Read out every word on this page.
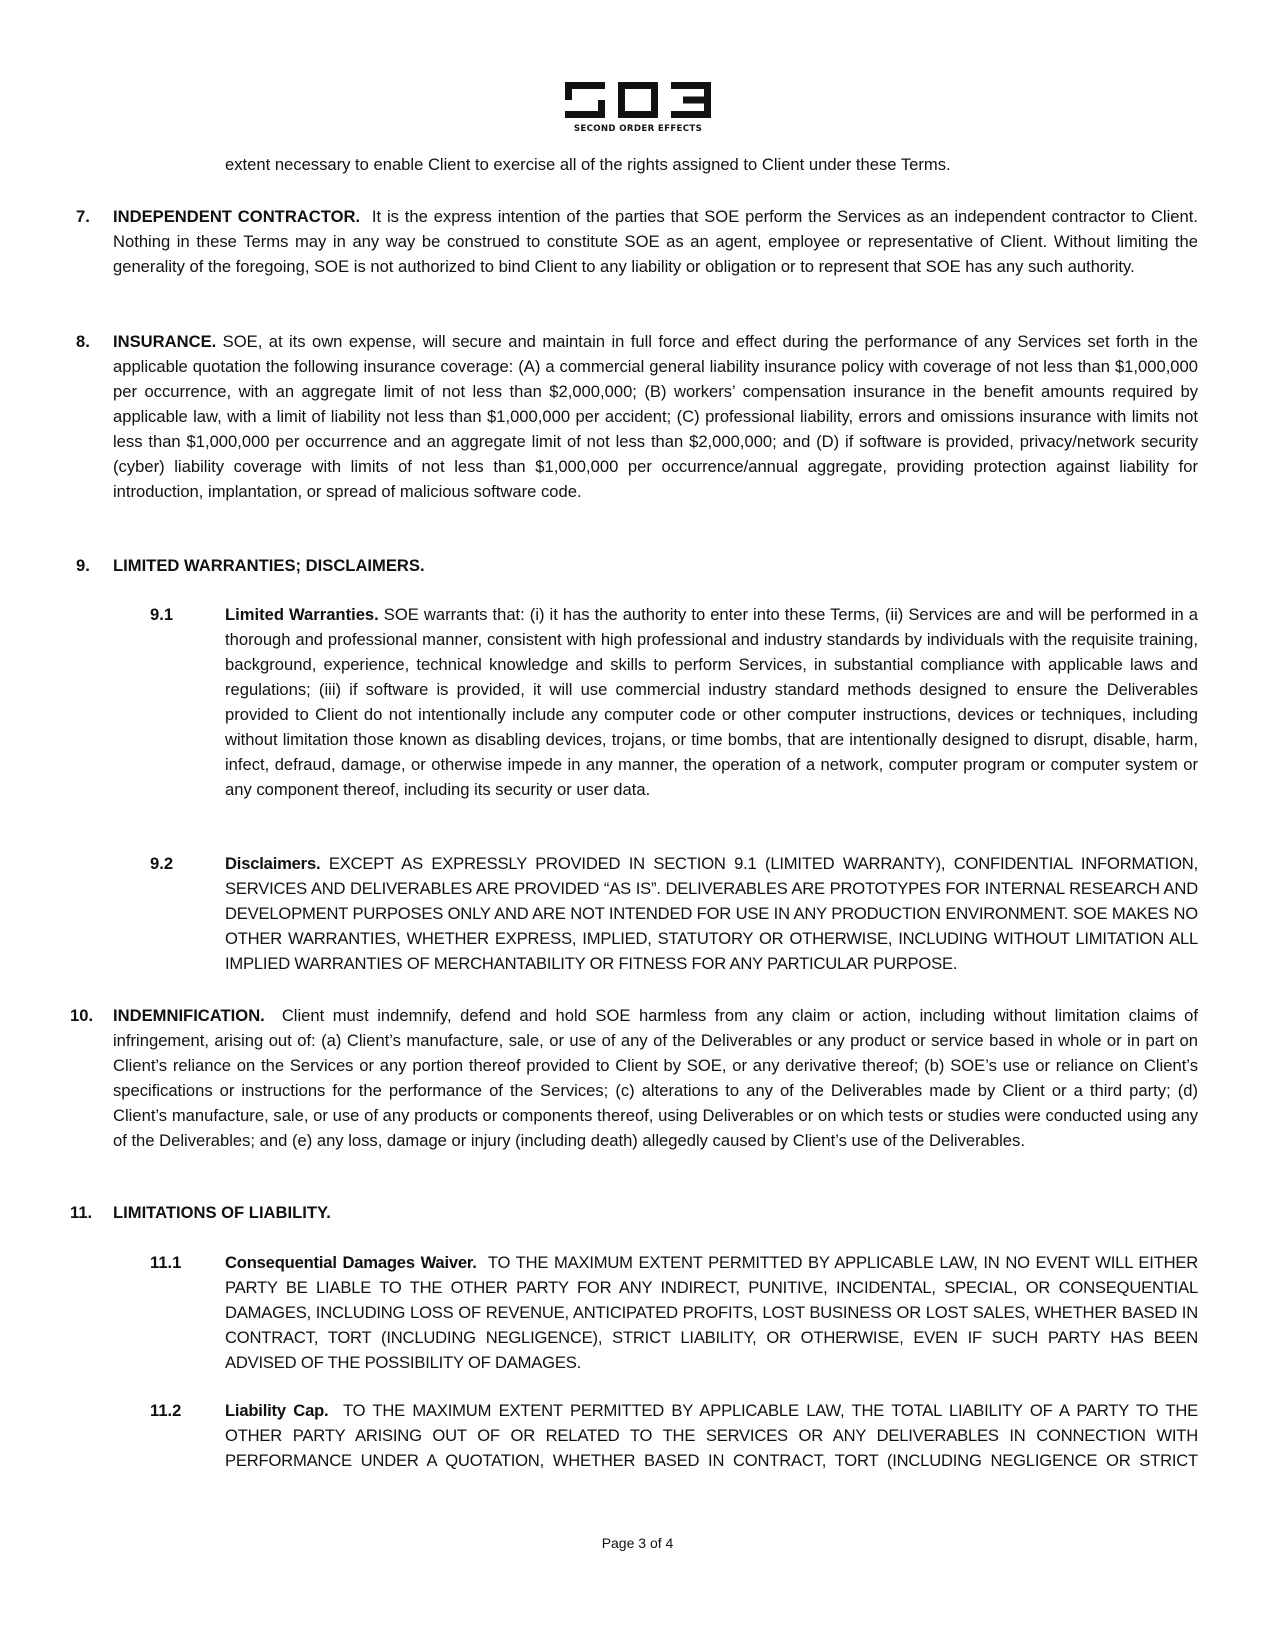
SECOND ORDER EFFECTS
extent necessary to enable Client to exercise all of the rights assigned to Client under these Terms.
7. INDEPENDENT CONTRACTOR. It is the express intention of the parties that SOE perform the Services as an independent contractor to Client. Nothing in these Terms may in any way be construed to constitute SOE as an agent, employee or representative of Client. Without limiting the generality of the foregoing, SOE is not authorized to bind Client to any liability or obligation or to represent that SOE has any such authority.
8. INSURANCE. SOE, at its own expense, will secure and maintain in full force and effect during the performance of any Services set forth in the applicable quotation the following insurance coverage: (A) a commercial general liability insurance policy with coverage of not less than $1,000,000 per occurrence, with an aggregate limit of not less than $2,000,000; (B) workers’ compensation insurance in the benefit amounts required by applicable law, with a limit of liability not less than $1,000,000 per accident; (C) professional liability, errors and omissions insurance with limits not less than $1,000,000 per occurrence and an aggregate limit of not less than $2,000,000; and (D) if software is provided, privacy/network security (cyber) liability coverage with limits of not less than $1,000,000 per occurrence/annual aggregate, providing protection against liability for introduction, implantation, or spread of malicious software code.
9. LIMITED WARRANTIES; DISCLAIMERS.
9.1	Limited Warranties. SOE warrants that: (i) it has the authority to enter into these Terms, (ii) Services are and will be performed in a thorough and professional manner, consistent with high professional and industry standards by individuals with the requisite training, background, experience, technical knowledge and skills to perform Services, in substantial compliance with applicable laws and regulations; (iii) if software is provided, it will use commercial industry standard methods designed to ensure the Deliverables provided to Client do not intentionally include any computer code or other computer instructions, devices or techniques, including without limitation those known as disabling devices, trojans, or time bombs, that are intentionally designed to disrupt, disable, harm, infect, defraud, damage, or otherwise impede in any manner, the operation of a network, computer program or computer system or any component thereof, including its security or user data.
9.2	Disclaimers. EXCEPT AS EXPRESSLY PROVIDED IN SECTION 9.1 (LIMITED WARRANTY), CONFIDENTIAL INFORMATION, SERVICES AND DELIVERABLES ARE PROVIDED “AS IS”. DELIVERABLES ARE PROTOTYPES FOR INTERNAL RESEARCH AND DEVELOPMENT PURPOSES ONLY AND ARE NOT INTENDED FOR USE IN ANY PRODUCTION ENVIRONMENT. SOE MAKES NO OTHER WARRANTIES, WHETHER EXPRESS, IMPLIED, STATUTORY OR OTHERWISE, INCLUDING WITHOUT LIMITATION ALL IMPLIED WARRANTIES OF MERCHANTABILITY OR FITNESS FOR ANY PARTICULAR PURPOSE.
10. INDEMNIFICATION. Client must indemnify, defend and hold SOE harmless from any claim or action, including without limitation claims of infringement, arising out of: (a) Client’s manufacture, sale, or use of any of the Deliverables or any product or service based in whole or in part on Client’s reliance on the Services or any portion thereof provided to Client by SOE, or any derivative thereof; (b) SOE’s use or reliance on Client’s specifications or instructions for the performance of the Services; (c) alterations to any of the Deliverables made by Client or a third party; (d) Client’s manufacture, sale, or use of any products or components thereof, using Deliverables or on which tests or studies were conducted using any of the Deliverables; and (e) any loss, damage or injury (including death) allegedly caused by Client’s use of the Deliverables.
11. LIMITATIONS OF LIABILITY.
11.1	Consequential Damages Waiver. TO THE MAXIMUM EXTENT PERMITTED BY APPLICABLE LAW, IN NO EVENT WILL EITHER PARTY BE LIABLE TO THE OTHER PARTY FOR ANY INDIRECT, PUNITIVE, INCIDENTAL, SPECIAL, OR CONSEQUENTIAL DAMAGES, INCLUDING LOSS OF REVENUE, ANTICIPATED PROFITS, LOST BUSINESS OR LOST SALES, WHETHER BASED IN CONTRACT, TORT (INCLUDING NEGLIGENCE), STRICT LIABILITY, OR OTHERWISE, EVEN IF SUCH PARTY HAS BEEN ADVISED OF THE POSSIBILITY OF DAMAGES.
11.2	Liability Cap. TO THE MAXIMUM EXTENT PERMITTED BY APPLICABLE LAW, THE TOTAL LIABILITY OF A PARTY TO THE OTHER PARTY ARISING OUT OF OR RELATED TO THE SERVICES OR ANY DELIVERABLES IN CONNECTION WITH PERFORMANCE UNDER A QUOTATION, WHETHER BASED IN CONTRACT, TORT (INCLUDING NEGLIGENCE OR STRICT
Page 3 of 4
